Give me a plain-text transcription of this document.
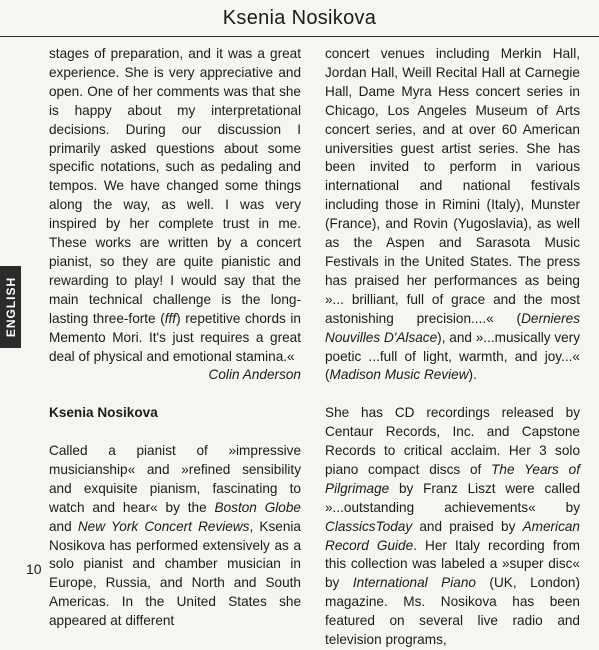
Ksenia Nosikova
ENGLISH

stages of preparation, and it was a great experience. She is very appreciative and open. One of her comments was that she is happy about my interpretational decisions. During our discussion I primarily asked questions about some specific notations, such as pedaling and tempos. We have changed some things along the way, as well. I was very inspired by her complete trust in me. These works are written by a concert pianist, so they are quite pianistic and rewarding to play! I would say that the main technical challenge is the long-lasting three-forte (fff) repetitive chords in Memento Mori. It's just requires a great deal of physical and emotional stamina.«

Colin Anderson

Ksenia Nosikova

Called a pianist of »impressive musicianship« and »refined sensibility and exquisite pianism, fascinating to watch and hear« by the Boston Globe and New York Concert Reviews, Ksenia Nosikova has performed extensively as a solo pianist and chamber musician in Europe, Russia, and North and South Americas. In the United States she appeared at different

concert venues including Merkin Hall, Jordan Hall, Weill Recital Hall at Carnegie Hall, Dame Myra Hess concert series in Chicago, Los Angeles Museum of Arts concert series, and at over 60 American universities guest artist series. She has been invited to perform in various international and national festivals including those in Rimini (Italy), Munster (France), and Rovin (Yugoslavia), as well as the Aspen and Sarasota Music Festivals in the United States. The press has praised her performances as being »... brilliant, full of grace and the most astonishing precision....« (Dernieres Nouvilles D'Alsace), and »...musically very poetic ...full of light, warmth, and joy...« (Madison Music Review).

She has CD recordings released by Centaur Records, Inc. and Capstone Records to critical acclaim. Her 3 solo piano compact discs of The Years of Pilgrimage by Franz Liszt were called »...outstanding achievements« by ClassicsToday and praised by American Record Guide. Her Italy recording from this collection was labeled a »super disc« by International Piano (UK, London) magazine. Ms. Nosikova has been featured on several live radio and television programs,

10
